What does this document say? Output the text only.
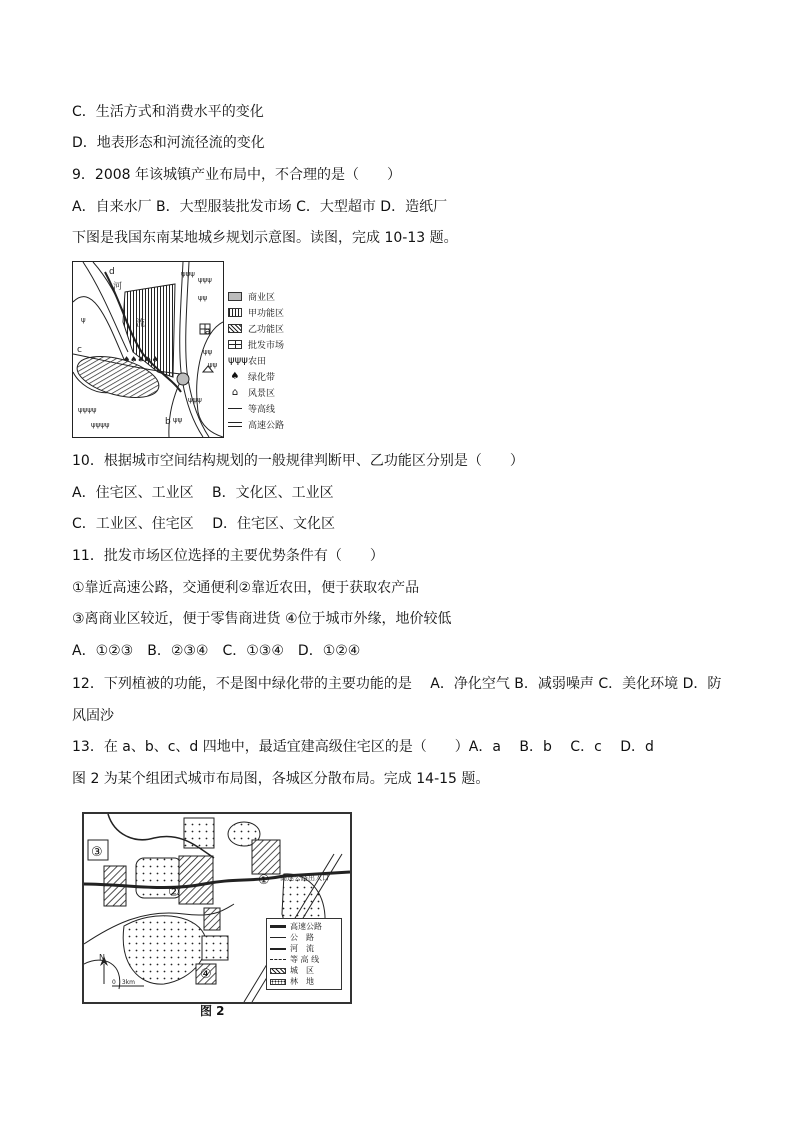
C．生活方式和消费水平的变化
D．地表形态和河流径流的变化
9．2008 年该城镇产业布局中，不合理的是（　　）
A．自来水厂 B．大型服装批发市场 C．大型超市 D．造纸厂
下图是我国东南某地城乡规划示意图。读图，完成 10-13 题。
ψψψ
ψψψ
ψψ
ψψ
ψψ
ψψψ
ψψψψ
ψψψψ
ψψ
ψ
♠♠♠♠♠
d
河
流
a
c
b
商业区
甲功能区
乙功能区
批发市场
ψψψ 农田
♠ 绿化带
⌂	风景区
等高线
高速公路
10．根据城市空间结构规划的一般规律判断甲、乙功能区分别是（　　）
A．住宅区、工业区　 B．文化区、工业区
C．工业区、住宅区　 D．住宅区、文化区
11．批发市场区位选择的主要优势条件有（　　）
①靠近高速公路，交通便利②靠近农田，便于获取农产品
③离商业区较近，便于零售商进货 ④位于城市外缘，地价较低
A．①②③　B．②③④　C．①③④　D．①②④
12．下列植被的功能，不是图中绿化带的主要功能的是　 A．净化空气 B．减弱噪声 C．美化环境 D．防
风固沙
13．在 a、b、c、d 四地中，最适宜建高级住宅区的是（　　）A．a　 B．b　 C．c　 D．d
图 2 为某个组团式城市布局图，各城区分散布局。完成 14-15 题。
③
②
①
④
高速公路出入口
N
0　3km
高速公路
公　路
河　流
等 高 线
城　区
林　地
图 2
